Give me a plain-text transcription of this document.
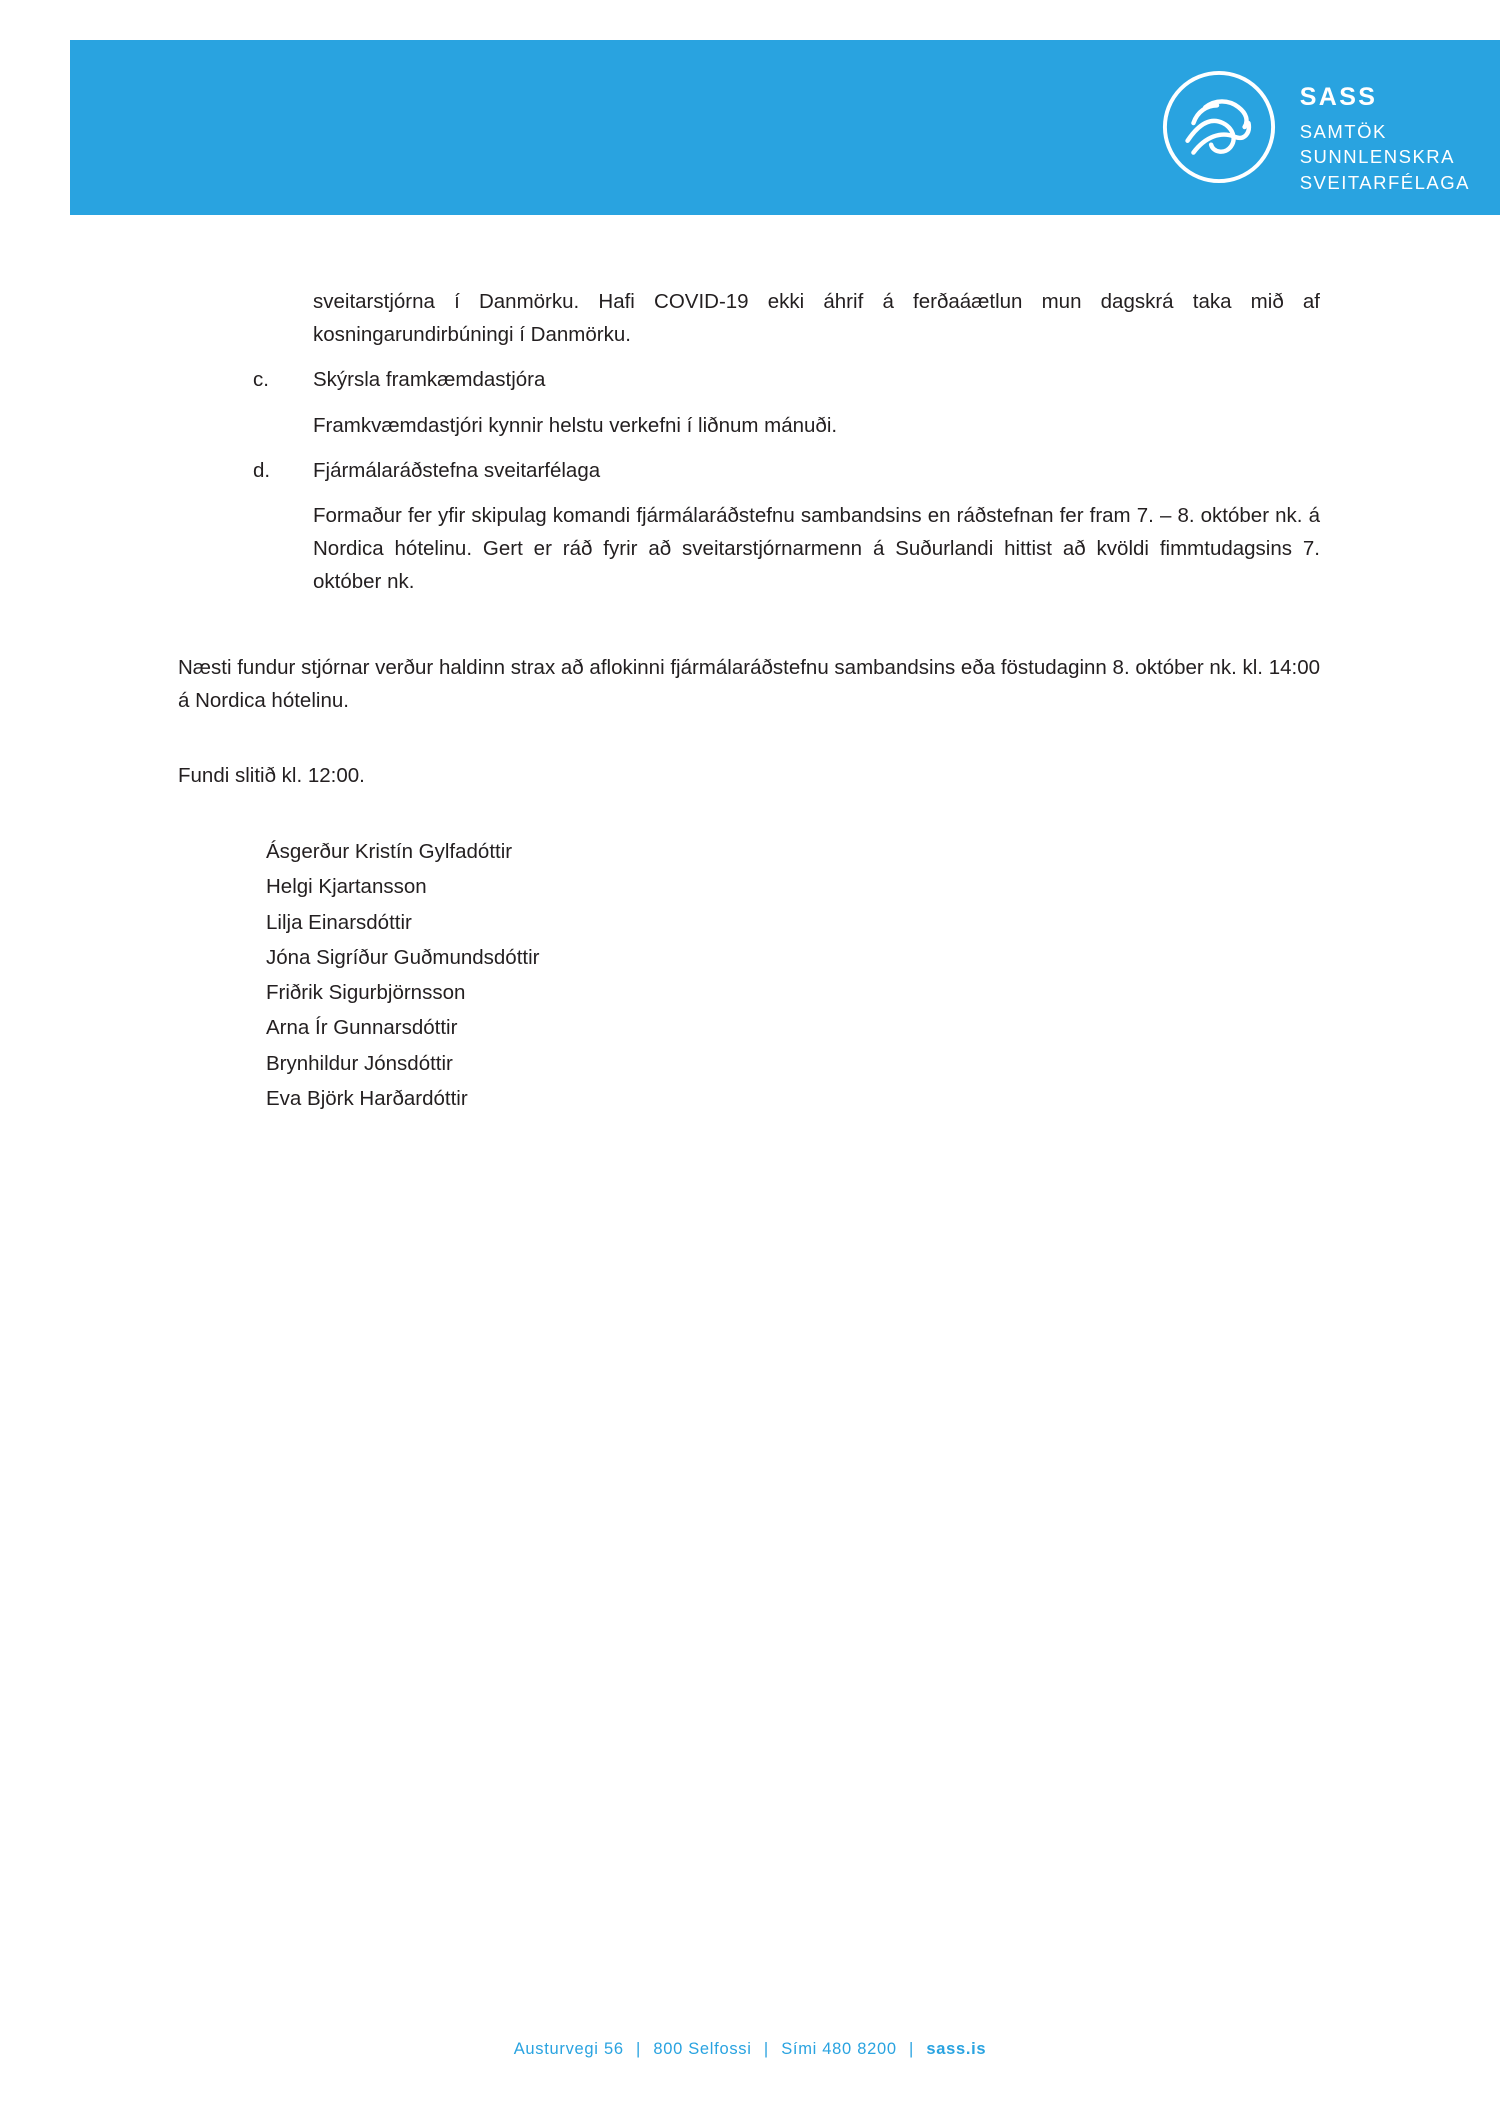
SASS
SAMTÖK
SUNNLENSKRA
SVEITARFÉLAGA
sveitarstjórna í Danmörku. Hafi COVID-19 ekki áhrif á ferðaáætlun mun dagskrá taka mið af kosningarundirbúningi í Danmörku.
c.	Skýrsla framkæmdastjóra
Framkvæmdastjóri kynnir helstu verkefni í liðnum mánuði.
d.	Fjármálaráðstefna sveitarfélaga
Formaður fer yfir skipulag komandi fjármálaráðstefnu sambandsins en ráðstefnan fer fram 7. – 8. október nk. á Nordica hótelinu. Gert er ráð fyrir að sveitarstjórnarmenn á Suðurlandi hittist að kvöldi fimmtudagsins 7. október nk.
Næsti fundur stjórnar verður haldinn strax að aflokinni fjármálaráðstefnu sambandsins eða föstudaginn 8. október nk. kl. 14:00 á Nordica hótelinu.
Fundi slitið kl. 12:00.
Ásgerður Kristín Gylfadóttir
Helgi Kjartansson
Lilja Einarsdóttir
Jóna Sigríður Guðmundsdóttir
Friðrik Sigurbjörnsson
Arna Ír Gunnarsdóttir
Brynhildur Jónsdóttir
Eva Björk Harðardóttir
Austurvegi 56 | 800 Selfossi | Sími 480 8200 | sass.is
